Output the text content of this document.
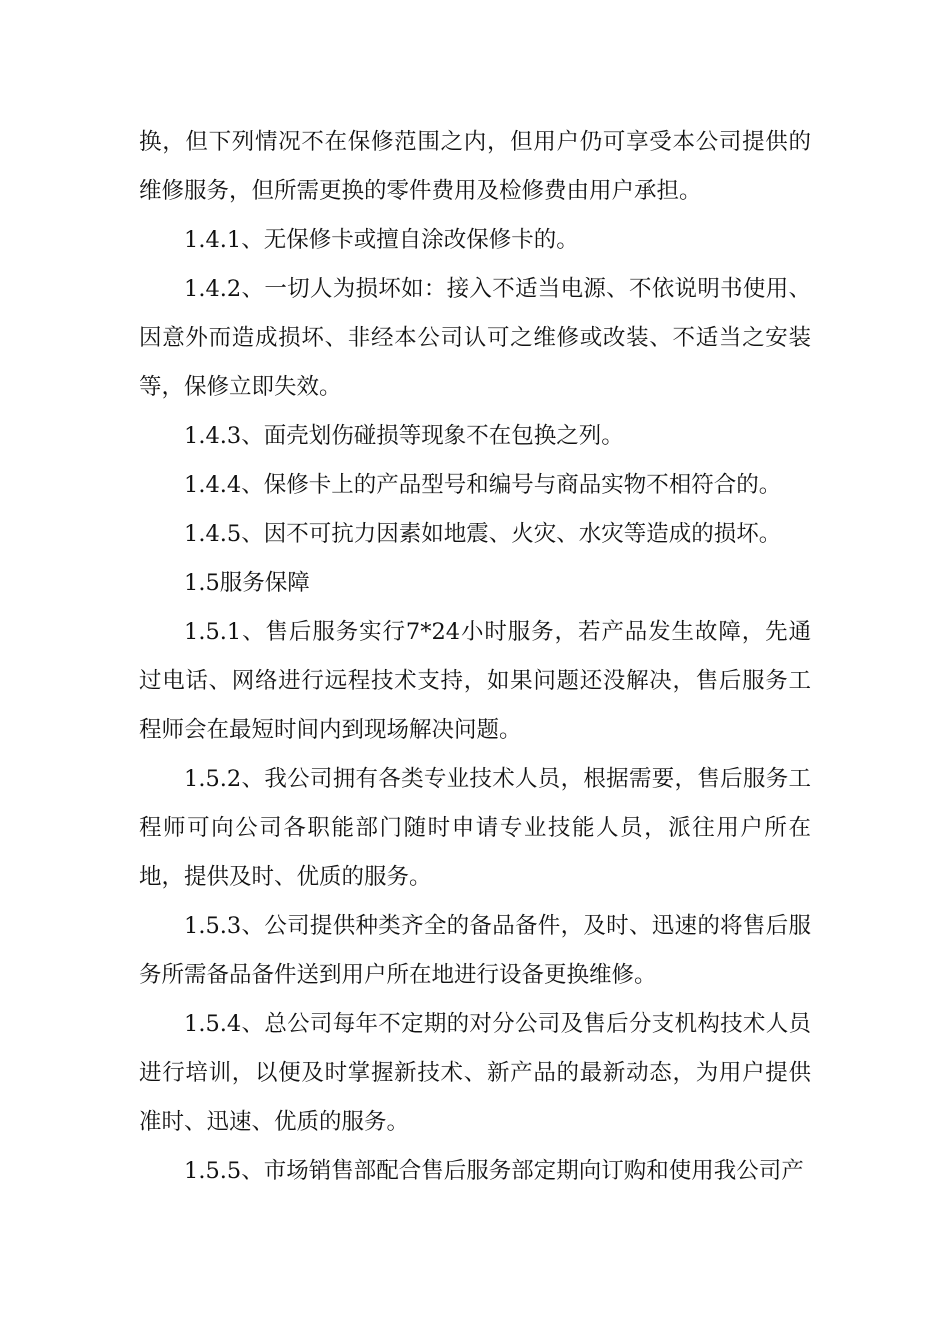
换，但下列情况不在保修范围之内，但用户仍可享受本公司提供的维修服务，但所需更换的零件费用及检修费由用户承担。

1.4.1、无保修卡或擅自涂改保修卡的。

1.4.2、一切人为损坏如：接入不适当电源、不依说明书使用、因意外而造成损坏、非经本公司认可之维修或改装、不适当之安装等，保修立即失效。

1.4.3、面壳划伤碰损等现象不在包换之列。

1.4.4、保修卡上的产品型号和编号与商品实物不相符合的。

1.4.5、因不可抗力因素如地震、火灾、水灾等造成的损坏。

1.5服务保障

1.5.1、售后服务实行7*24小时服务，若产品发生故障，先通过电话、网络进行远程技术支持，如果问题还没解决，售后服务工程师会在最短时间内到现场解决问题。

1.5.2、我公司拥有各类专业技术人员，根据需要，售后服务工程师可向公司各职能部门随时申请专业技能人员，派往用户所在地，提供及时、优质的服务。

1.5.3、公司提供种类齐全的备品备件，及时、迅速的将售后服务所需备品备件送到用户所在地进行设备更换维修。

1.5.4、总公司每年不定期的对分公司及售后分支机构技术人员进行培训，以便及时掌握新技术、新产品的最新动态，为用户提供准时、迅速、优质的服务。

1.5.5、市场销售部配合售后服务部定期向订购和使用我公司产
